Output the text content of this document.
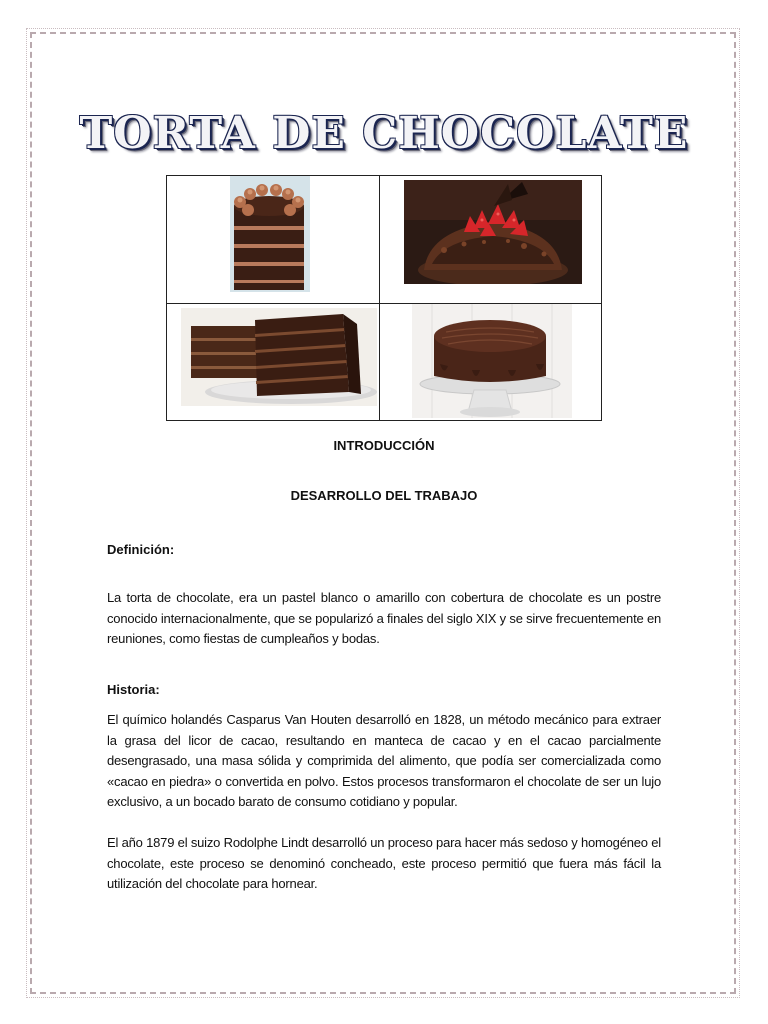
TORTA DE CHOCOLATE
INTRODUCCIÓN
DESARROLLO DEL TRABAJO
Definición:
La torta de chocolate, era un pastel blanco o amarillo con cobertura de chocolate es un postre conocido internacionalmente, que se popularizó a finales del siglo XIX y se sirve frecuentemente en reuniones, como fiestas de cumpleaños y bodas.
Historia:
El químico holandés Casparus Van Houten desarrolló en 1828, un método mecánico para extraer la grasa del licor de cacao, resultando en manteca de cacao y en el cacao parcialmente desengrasado, una masa sólida y comprimida del alimento, que podía ser comercializada como «cacao en piedra» o convertida en polvo. Estos procesos transformaron el chocolate de ser un lujo exclusivo, a un bocado barato de consumo cotidiano y popular.
El año 1879 el suizo Rodolphe Lindt desarrolló un proceso para hacer más sedoso y homogéneo el chocolate, este proceso se denominó concheado, este proceso permitió que fuera más fácil la utilización del chocolate para hornear.
